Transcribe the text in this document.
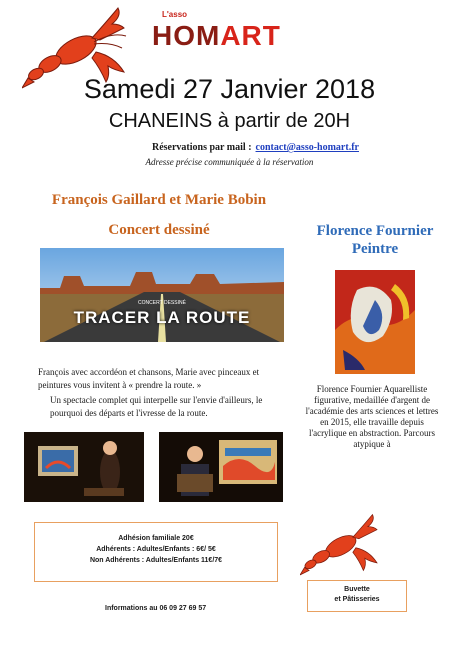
L'asso
HOMART
Samedi 27 Janvier 2018
CHANEINS à partir de 20H
Réservations par mail : contact@asso-homart.fr
Adresse précise communiquée à la réservation
François Gaillard et Marie Bobin
Concert dessiné	Florence Fournier
Peintre
CONCERT DESSINÉ
TRACER LA ROUTE
François avec accordéon et chansons, Marie avec pinceaux et peintures vous invitent à « prendre la route. »
Un spectacle complet qui interpelle sur l'envie d'ailleurs, le pourquoi des départs et l'ivresse de la route.
Florence Fournier Aquarelliste figurative, medaillée d'argent de l'académie des arts sciences et lettres en 2015, elle travaille depuis l'acrylique en abstraction. Parcours atypique à
Adhésion familiale 20€
Adhérents : Adultes/Enfants : 6€/ 5€
Non Adhérents : Adultes/Enfants 11€/7€
Buvette
et Pâtisseries
Informations au 06 09 27 69 57
